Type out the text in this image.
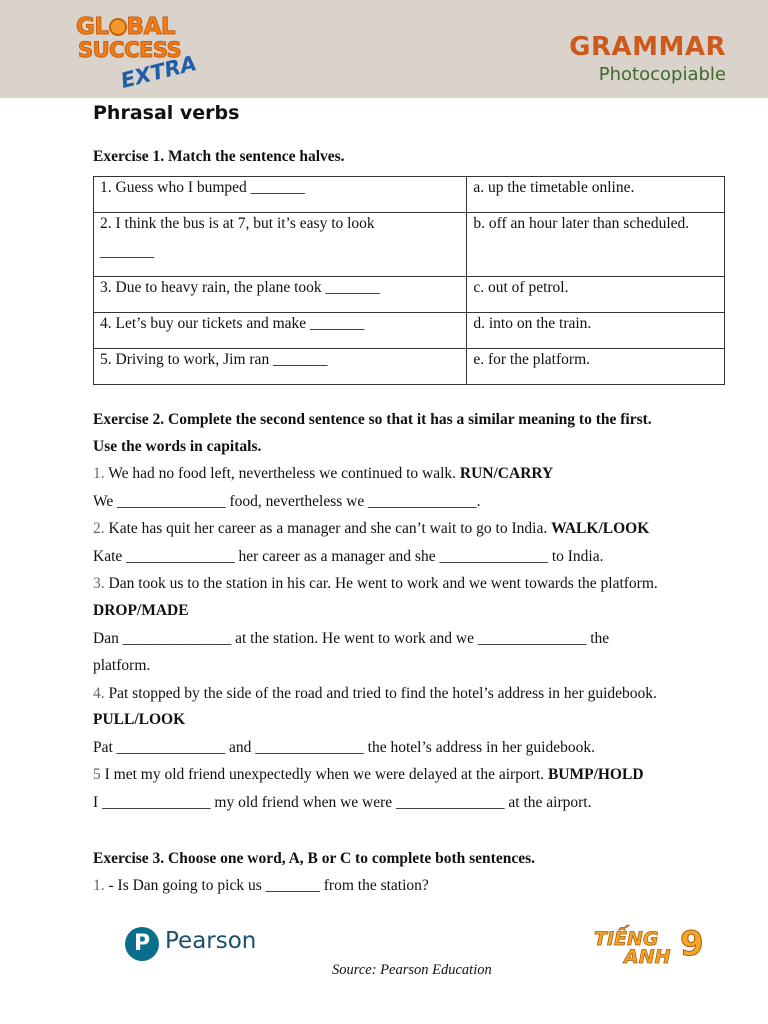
GL BAL
SUCCESS
EXTRA
GRAMMAR
Photocopiable
Phrasal verbs
Exercise 1. Match the sentence halves.
1. Guess who I bumped _______	a. up the timetable online.

2. I think the bus is at 7, but it’s easy to look
_______	b. off an hour later than scheduled.
3. Due to heavy rain, the plane took _______	c. out of petrol.
4. Let’s buy our tickets and make _______	d. into on the train.
5. Driving to work, Jim ran _______	e. for the platform.
Exercise 2. Complete the second sentence so that it has a similar meaning to the first.
Use the words in capitals.
1. We had no food left, nevertheless we continued to walk. RUN/CARRY
We ______________ food, nevertheless we ______________.
2. Kate has quit her career as a manager and she can’t wait to go to India. WALK/LOOK
Kate ______________ her career as a manager and she ______________ to India.
3. Dan took us to the station in his car. He went to work and we went towards the platform.
DROP/MADE
Dan ______________ at the station. He went to work and we ______________ the
platform.
4. Pat stopped by the side of the road and tried to find the hotel’s address in her guidebook.
PULL/LOOK
Pat ______________ and ______________ the hotel’s address in her guidebook.
5 I met my old friend unexpectedly when we were delayed at the airport. BUMP/HOLD
I ______________ my old friend when we were ______________ at the airport.
Exercise 3. Choose one word, A, B or C to complete both sentences.
1. - Is Dan going to pick us _______ from the station?
P Pearson
Source: Pearson Education
TIẾNG
ANH 9
